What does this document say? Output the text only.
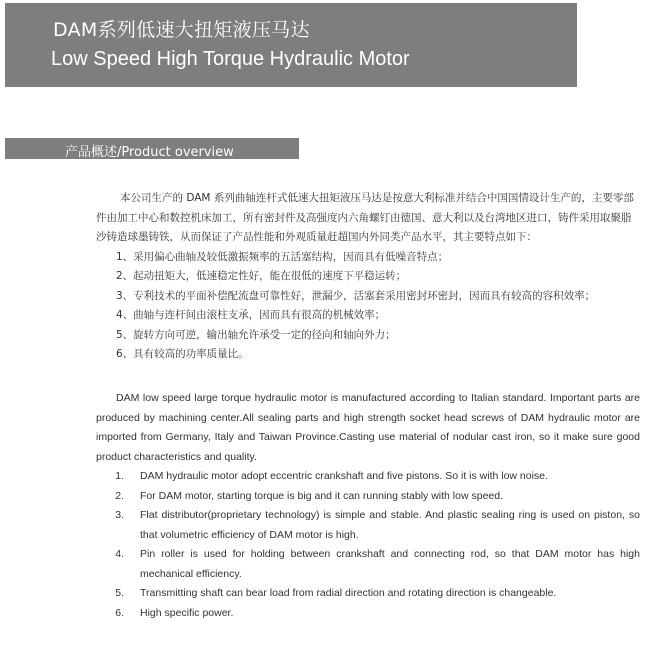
DAM系列低速大扭矩液压马达
Low Speed High Torque Hydraulic Motor
产品概述/Product overview

本公司生产的 DAM 系列曲轴连杆式低速大扭矩液压马达是按意大利标准并结合中国国情设计生产的，主要零部件由加工中心和数控机床加工，所有密封件及高强度内六角螺钉由德国、意大利以及台湾地区进口，铸件采用取聚脂沙铸造球墨铸铁，从而保证了产品性能和外观质量赶超国内外同类产品水平，其主要特点如下：

1、采用偏心曲轴及较低激振频率的五活塞结构，因而具有低噪音特点；

2、起动扭矩大，低速稳定性好，能在很低的速度下平稳运转；

3、专利技术的平面补偿配流盘可靠性好，泄漏少，活塞套采用密封环密封，因而具有较高的容积效率；

4、曲轴与连杆间由滚柱支承，因而具有很高的机械效率；

5、旋转方向可逆，输出轴允许承受一定的径向和轴向外力；

6、具有较高的功率质量比。

DAM low speed large torque hydraulic motor is manufactured according to Italian standard. Important parts are produced by machining center.All sealing parts and high strength socket head screws of DAM hydraulic motor are imported from Germany, Italy and Taiwan Province.Casting use material of nodular cast iron, so it make sure good product characteristics and quality.

1.	DAM hydraulic motor adopt eccentric crankshaft and five pistons. So it is with low noise.

2.	For DAM motor, starting torque is big and it can running stably with low speed.

3.	Flat distributor(proprietary technology) is simple and stable. And plastic sealing ring is used on piston, so that volumetric efficiency of DAM motor is high.

4.	Pin roller is used for holding between crankshaft and connecting rod, so that DAM motor has high mechanical efficiency.

5.	Transmitting shaft can bear load from radial direction and rotating direction is changeable.

6.	High specific power.
